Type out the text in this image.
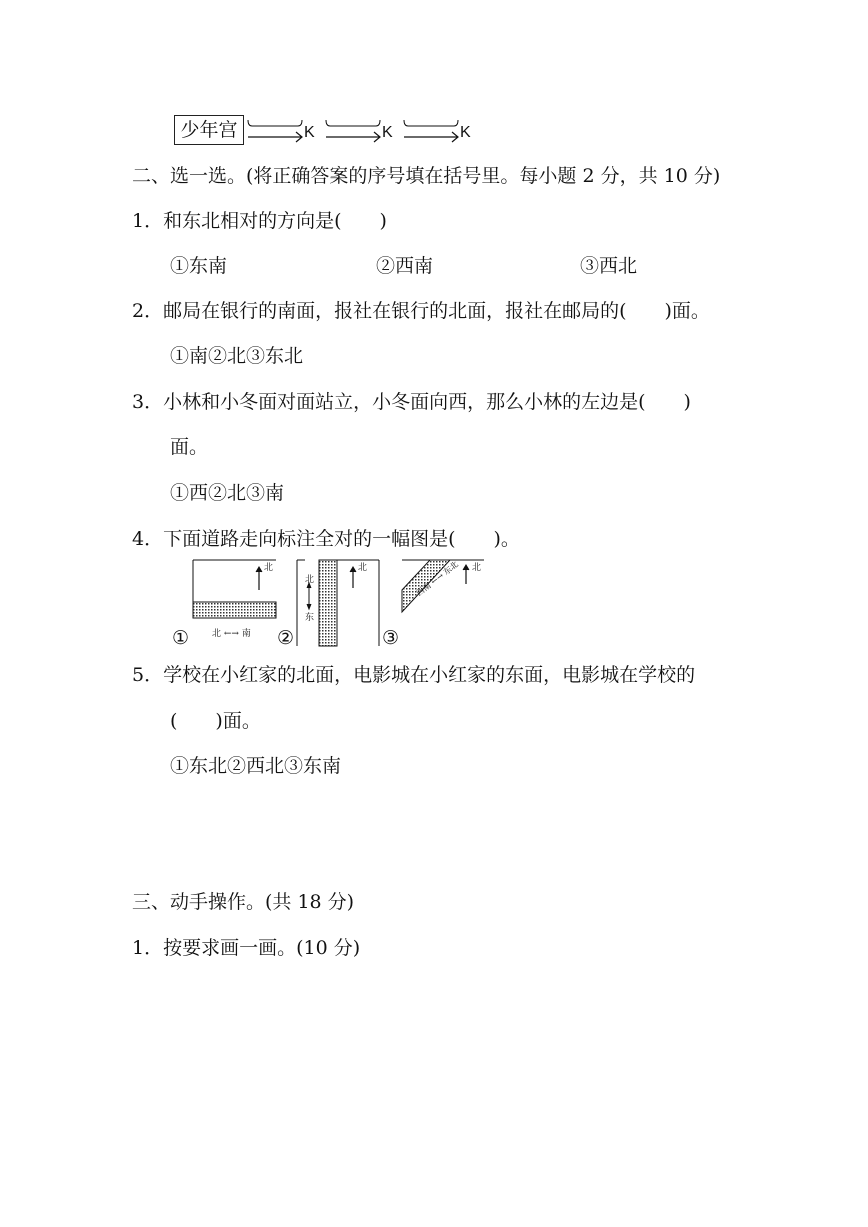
少年宫	K	K	K
二、选一选。(将正确答案的序号填在括号里。每小题 2 分，共 10 分)
1．和东北相对的方向是(　　)
①东南	②西南	③西北
2．邮局在银行的南面，报社在银行的北面，报社在邮局的(　　)面。
①南②北③东北
3．小林和小冬面对面站立，小冬面向西，那么小林的左边是(　　)
面。
①西②北③南
4．下面道路走向标注全对的一幅图是(　　)。
北
北 ←→ 南
①
北
东
北
②
北
西南 ←→ 东北
③
5．学校在小红家的北面，电影城在小红家的东面，电影城在学校的
(　　)面。
①东北②西北③东南
三、动手操作。(共 18 分)
1．按要求画一画。(10 分)
